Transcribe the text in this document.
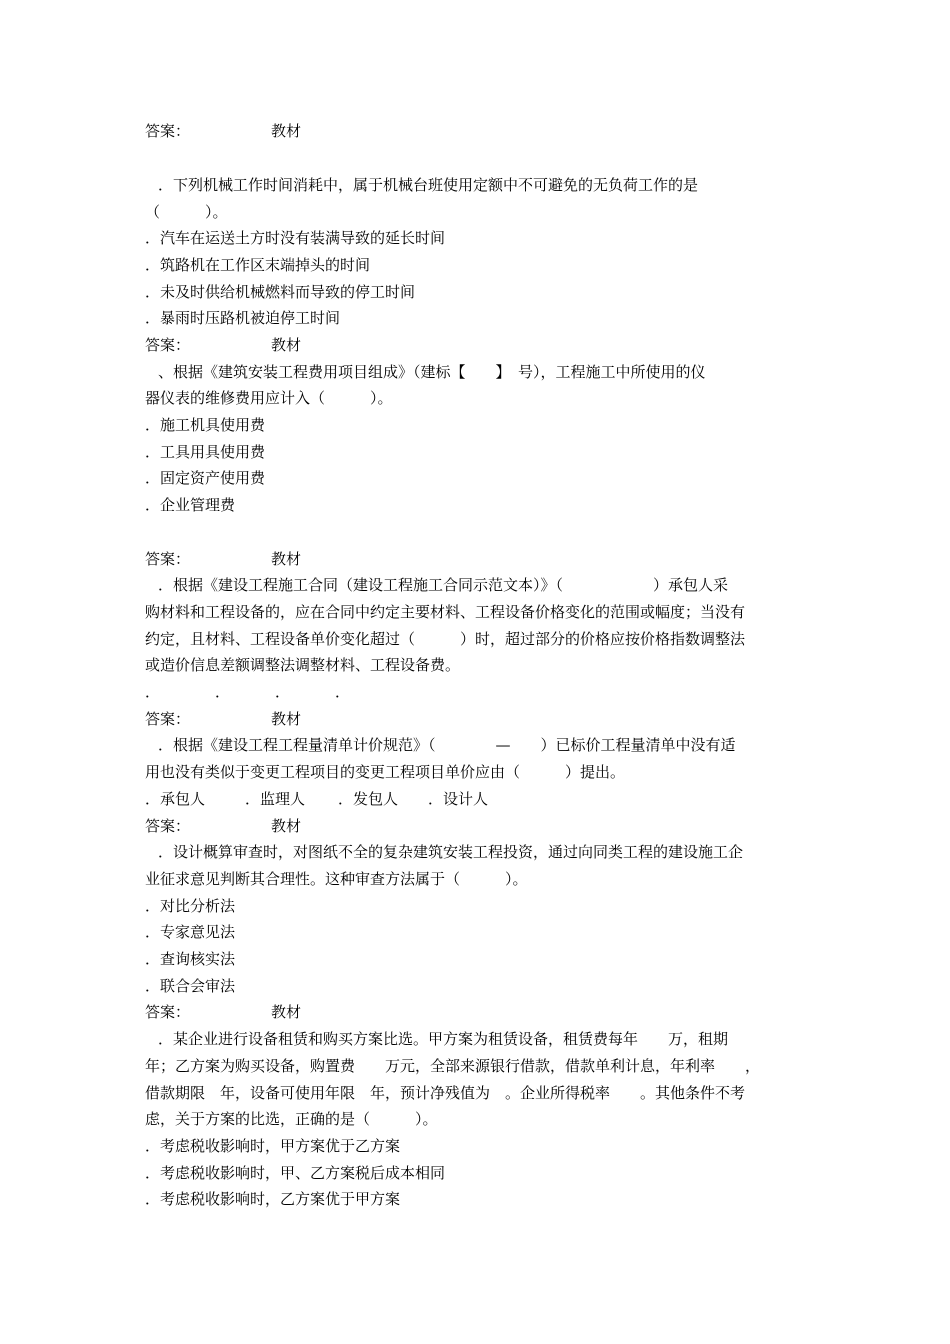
答案：	教材
．下列机械工作时间消耗中，属于机械台班使用定额中不可避免的无负荷工作的是
（　　　）。
．汽车在运送土方时没有装满导致的延长时间
．筑路机在工作区末端掉头的时间
．未及时供给机械燃料而导致的停工时间
．暴雨时压路机被迫停工时间
答案：	教材
、根据《建筑安装工程费用项目组成》（建标【　　】　号），工程施工中所使用的仪
器仪表的维修费用应计入（　　　）。
．施工机具使用费
．工具用具使用费
．固定资产使用费
．企业管理费
答案：	教材
．根据《建设工程施工合同（建设工程施工合同示范文本）》（　　　　　　）承包人采
购材料和工程设备的，应在合同中约定主要材料、工程设备价格变化的范围或幅度；当没有
约定，且材料、工程设备单价变化超过（　　　）时，超过部分的价格应按价格指数调整法
或造价信息差额调整法调整材料、工程设备费。
．	．	．	．
答案：	教材
．根据《建设工程工程量清单计价规范》（　　　　—　　）已标价工程量清单中没有适
用也没有类似于变更工程项目的变更工程项目单价应由（　　　）提出。
．承包人	．监理人 ．发包人 ．设计人
答案：	教材
．设计概算审查时，对图纸不全的复杂建筑安装工程投资，通过向同类工程的建设施工企
业征求意见判断其合理性。这种审查方法属于（　　　）。
．对比分析法
．专家意见法
．查询核实法
．联合会审法
答案：	教材
．某企业进行设备租赁和购买方案比选。甲方案为租赁设备，租赁费每年　　万，租期
年；乙方案为购买设备，购置费　　万元，全部来源银行借款，借款单利计息，年利率　　，
借款期限　年，设备可使用年限　年，预计净残值为　。企业所得税率　　。其他条件不考
虑，关于方案的比选，正确的是（　　　）。
．考虑税收影响时，甲方案优于乙方案
．考虑税收影响时，甲、乙方案税后成本相同
．考虑税收影响时，乙方案优于甲方案
